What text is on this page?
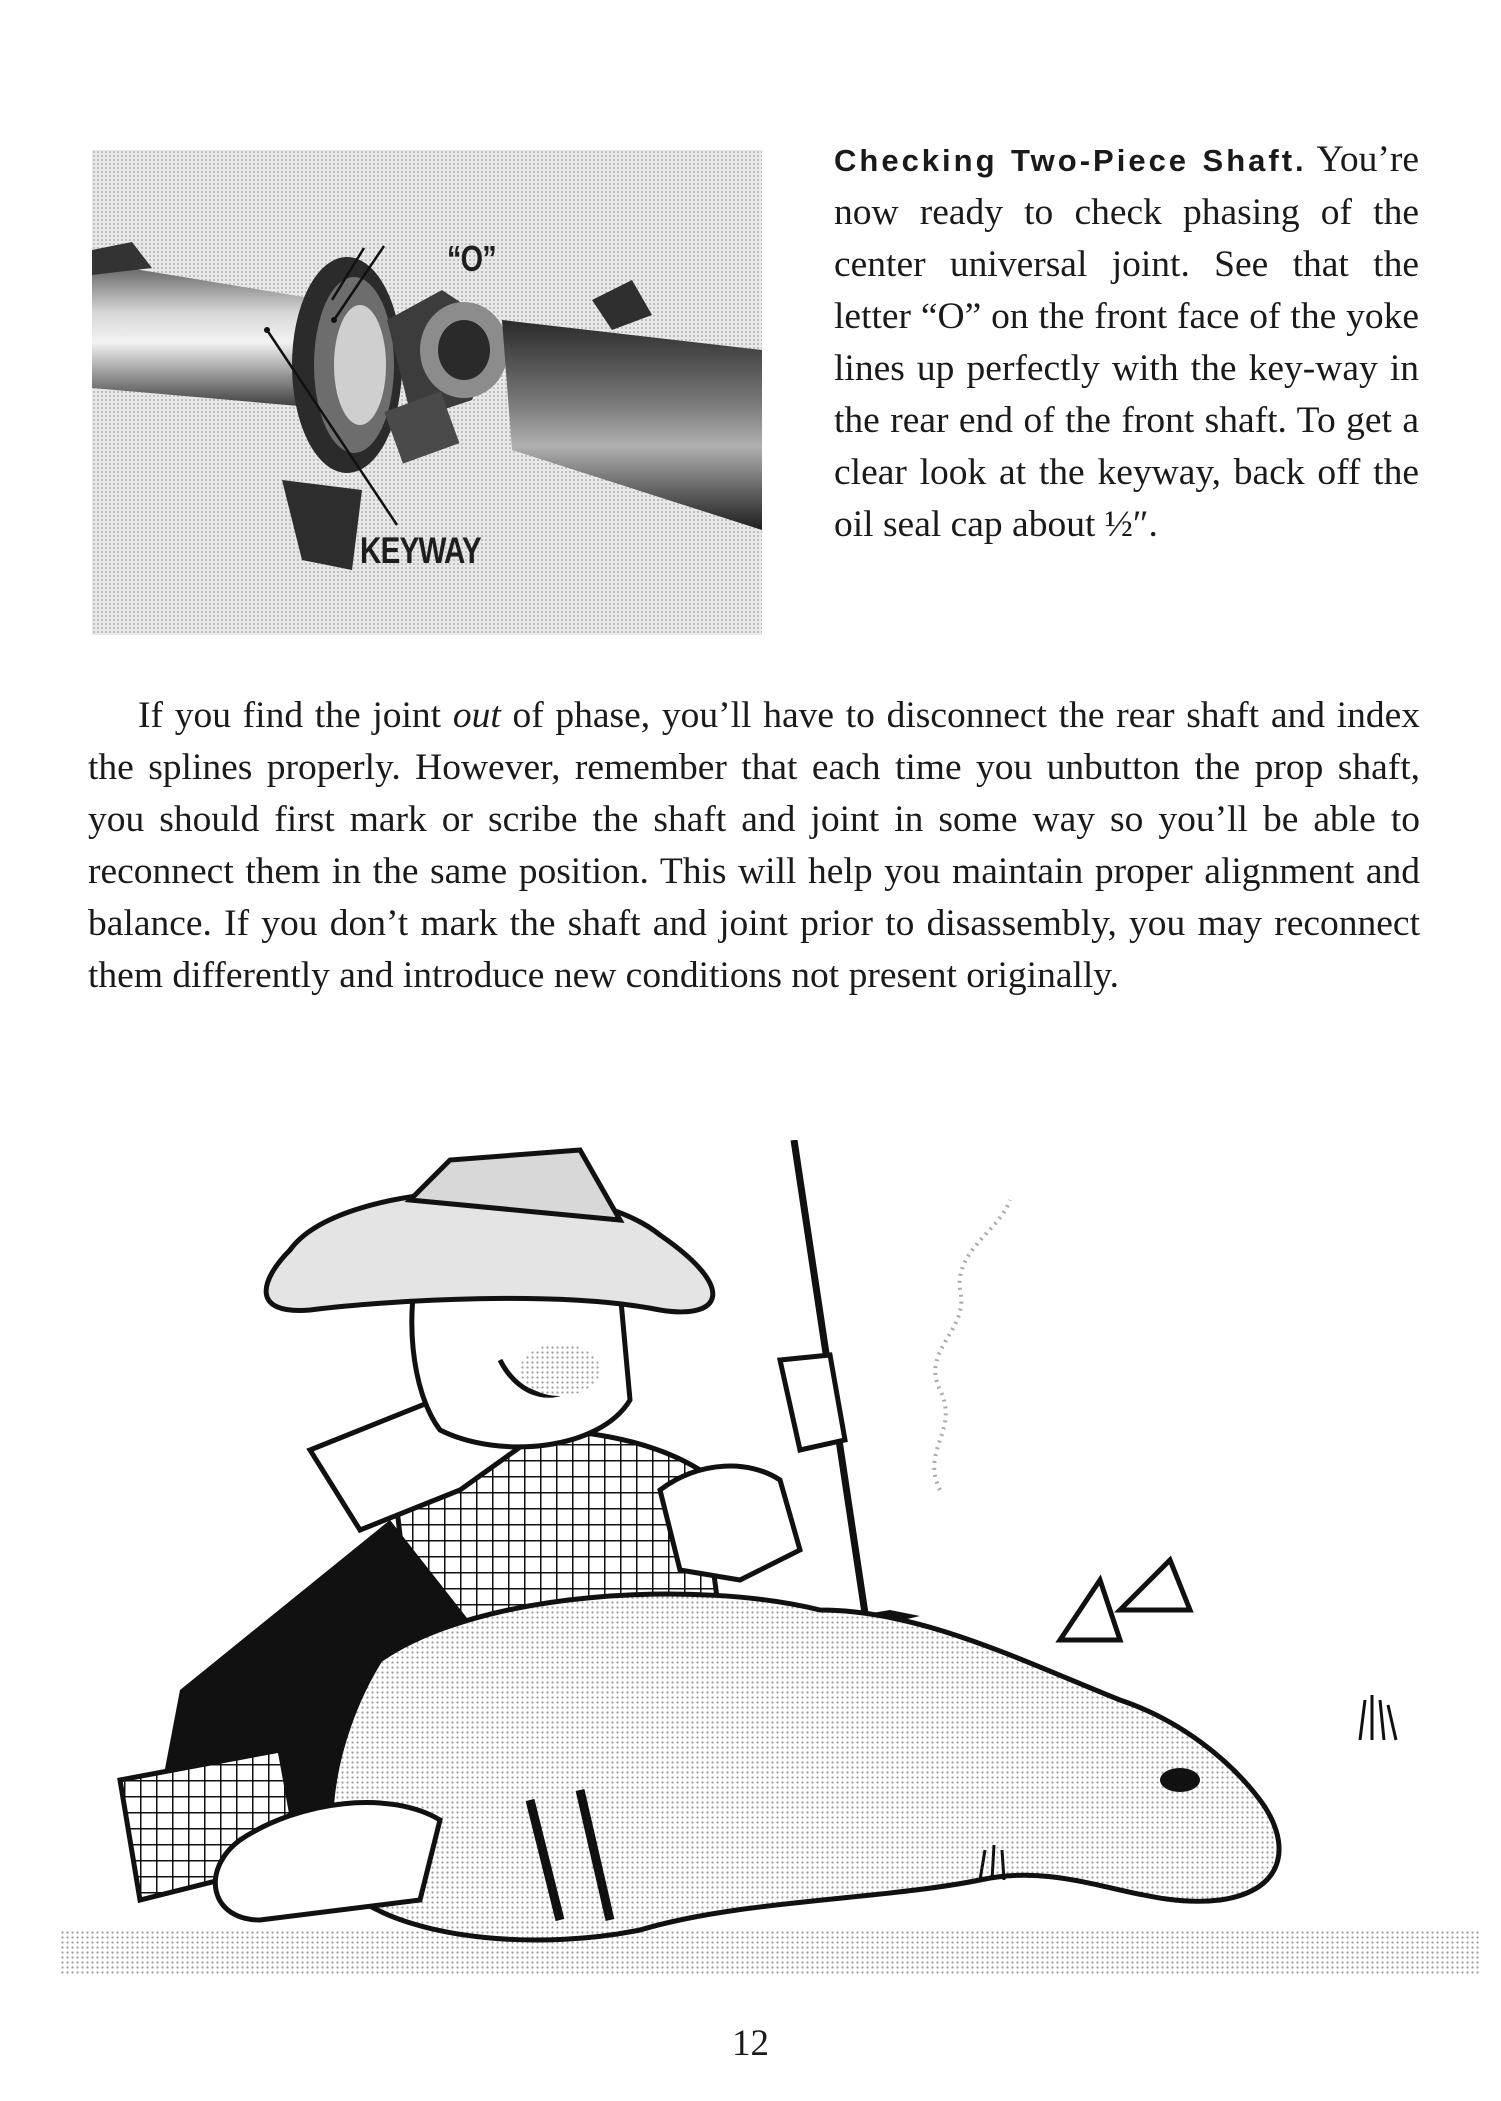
“O”
KEYWAY
Checking Two-Piece Shaft. You’re now ready to check phasing of the center universal joint. See that the letter “O” on the front face of the yoke lines up perfectly with the key-way in the rear end of the front shaft. To get a clear look at the keyway, back off the oil seal cap about ½″.
If you find the joint out of phase, you’ll have to disconnect the rear shaft and index the splines properly. However, remember that each time you unbutton the prop shaft, you should first mark or scribe the shaft and joint in some way so you’ll be able to reconnect them in the same position. This will help you maintain proper alignment and balance. If you don’t mark the shaft and joint prior to disassembly, you may reconnect them differently and introduce new conditions not present originally.
12
